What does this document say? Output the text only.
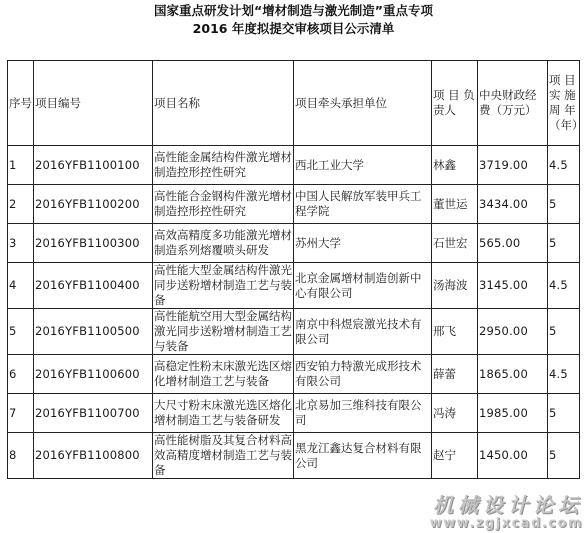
国家重点研发计划“增材制造与激光制造”重点专项
2016 年度拟提交审核项目公示清单
序号	项目编号	项目名称	项目牵头承担单位	项 目 负 责人	中央财政经费（万元）	项 目 实 施 周 年（年）
1	2016YFB1100100	高性能金属结构件激光增材制造控形控性研究	西北工业大学	林鑫	3719.00	4.5
2	2016YFB1100200	高性能合金钢构件激光增材制造控形控性研究	中国人民解放军装甲兵工程学院	董世运	3434.00	5
3	2016YFB1100300	高效高精度多功能激光增材制造系列熔覆喷头研发	苏州大学	石世宏	565.00	5
4	2016YFB1100400	高性能大型金属结构件激光同步送粉增材制造工艺与装备	北京金属增材制造创新中心有限公司	汤海波	3145.00	4.5
5	2016YFB1100500	高性能航空用大型金属结构激光同步送粉增材制造工艺与装备	南京中科煜宸激光技术有限公司	邢飞	2950.00	5
6	2016YFB1100600	高稳定性粉末床激光选区熔化增材制造工艺与装备	西安铂力特激光成形技术有限公司	薛蕾	1865.00	4.5
7	2016YFB1100700	大尺寸粉末床激光选区熔化增材制造工艺与装备研发	北京易加三维科技有限公司	冯涛	1985.00	5
8	2016YFB1100800	高性能树脂及其复合材料高效高精度增材制造工艺与装备	黑龙江鑫达复合材料有限公司	赵宁	1450.00	5
机械设计论坛
www.zgjxcad.com
